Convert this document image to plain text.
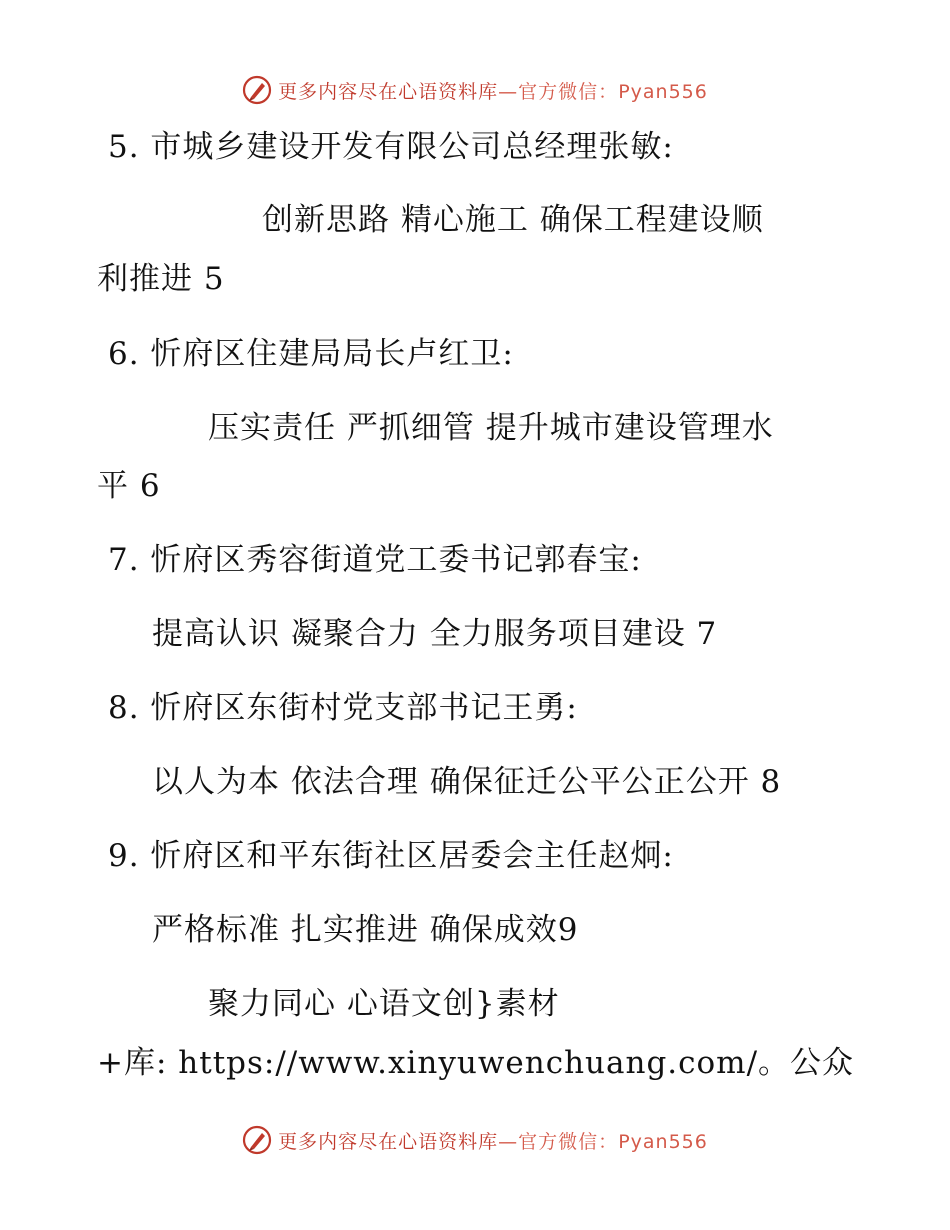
更多内容尽在心语资料库—官方微信：Pyan556
5. 市城乡建设开发有限公司总经理张敏:
创新思路 精心施工 确保工程建设顺
利推进 5
6. 忻府区住建局局长卢红卫:
压实责任 严抓细管 提升城市建设管理水
平 6
7. 忻府区秀容街道党工委书记郭春宝:
提高认识 凝聚合力 全力服务项目建设 7
8. 忻府区东街村党支部书记王勇:
以人为本 依法合理 确保征迁公平公正公开 8
9. 忻府区和平东街社区居委会主任赵炯:
严格标准 扎实推进 确保成效9
聚力同心 心语文创}素材
+库: https://www.xinyuwenchuang.com/。公众
更多内容尽在心语资料库—官方微信：Pyan556
